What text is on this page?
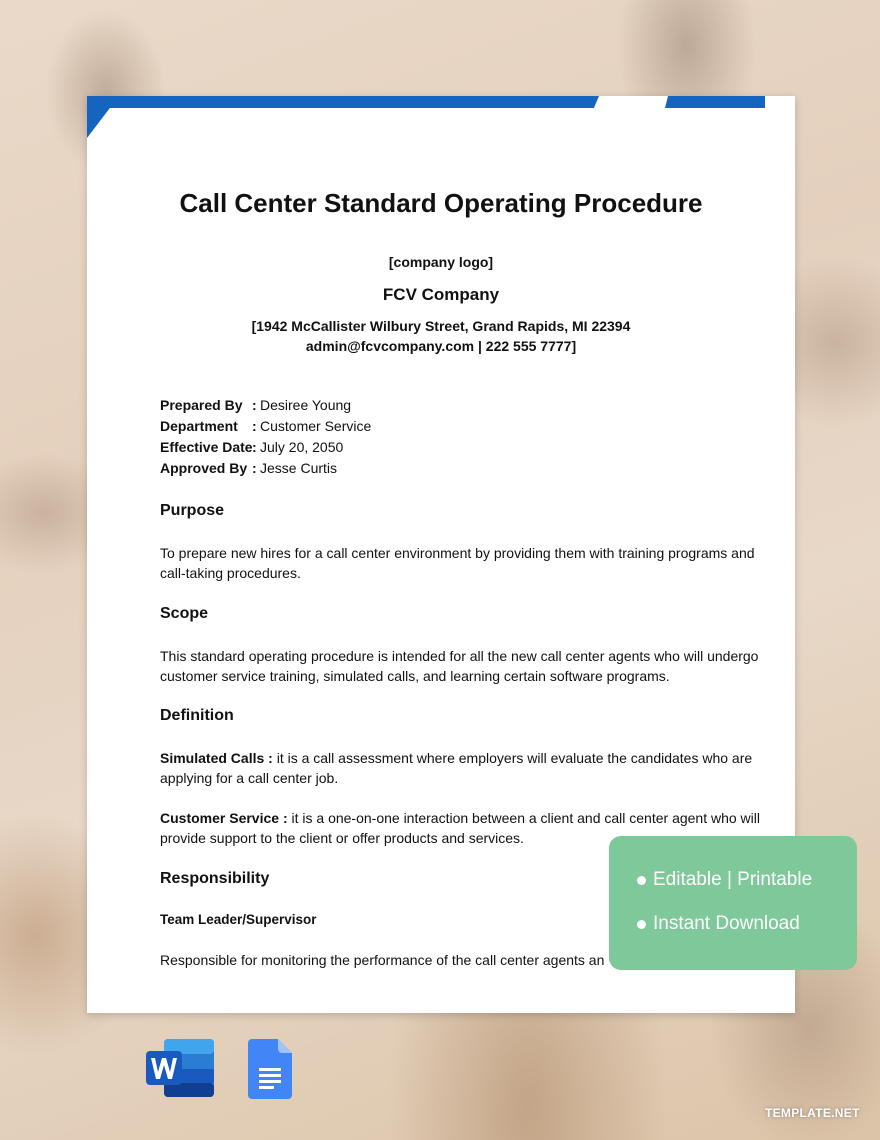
Call Center Standard Operating Procedure
[company logo]
FCV Company
[1942 McCallister Wilbury Street, Grand Rapids, MI 22394
admin@fcvcompany.com | 222 555 7777]
Prepared By : Desiree Young
Department	: Customer Service
Effective Date : July 20, 2050
Approved By : Jesse Curtis
Purpose
To prepare new hires for a call center environment by providing them with training programs and call-taking procedures.
Scope
This standard operating procedure is intended for all the new call center agents who will undergo customer service training, simulated calls, and learning certain software programs.
Definition
Simulated Calls : it is a call assessment where employers will evaluate the candidates who are applying for a call center job.
Customer Service : it is a one-on-one interaction between a client and call center agent who will provide support to the client or offer products and services.
Responsibility
Team Leader/Supervisor
Responsible for monitoring the performance of the call center agents an
Editable | Printable
Instant Download
TEMPLATE.NET
